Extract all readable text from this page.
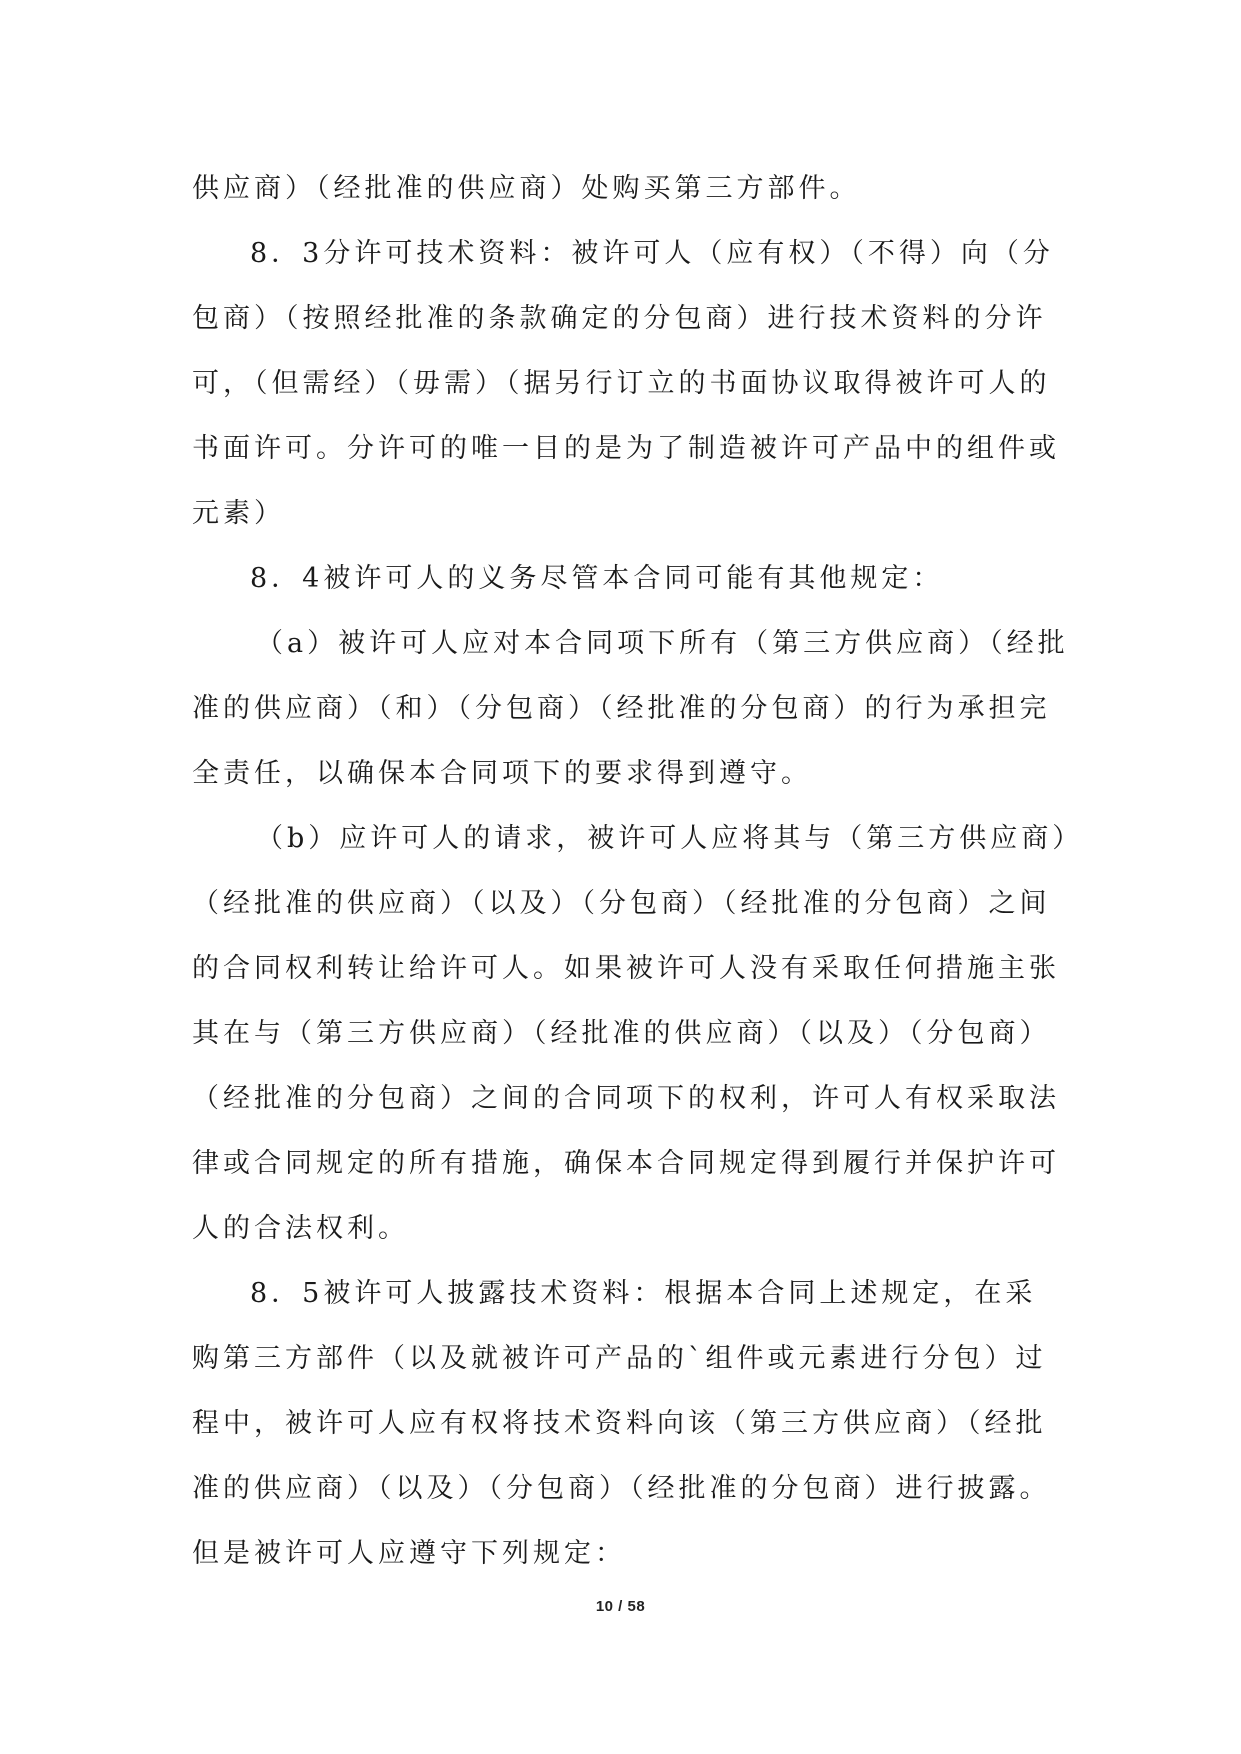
供应商）（经批准的供应商）处购买第三方部件。
8．3分许可技术资料：被许可人（应有权）（不得）向（分
包商）（按照经批准的条款确定的分包商）进行技术资料的分许
可，（但需经）（毋需）（据另行订立的书面协议取得被许可人的
书面许可。分许可的唯一目的是为了制造被许可产品中的组件或
元素）
8．4被许可人的义务尽管本合同可能有其他规定：
（a）被许可人应对本合同项下所有（第三方供应商）（经批
准的供应商）（和）（分包商）（经批准的分包商）的行为承担完
全责任，以确保本合同项下的要求得到遵守。
（b）应许可人的请求，被许可人应将其与（第三方供应商）
（经批准的供应商）（以及）（分包商）（经批准的分包商）之间
的合同权利转让给许可人。如果被许可人没有采取任何措施主张
其在与（第三方供应商）（经批准的供应商）（以及）（分包商）
（经批准的分包商）之间的合同项下的权利，许可人有权采取法
律或合同规定的所有措施，确保本合同规定得到履行并保护许可
人的合法权利。
8．5被许可人披露技术资料：根据本合同上述规定，在采
购第三方部件（以及就被许可产品的`组件或元素进行分包）过
程中，被许可人应有权将技术资料向该（第三方供应商）（经批
准的供应商）（以及）（分包商）（经批准的分包商）进行披露。
但是被许可人应遵守下列规定：
10 / 58
